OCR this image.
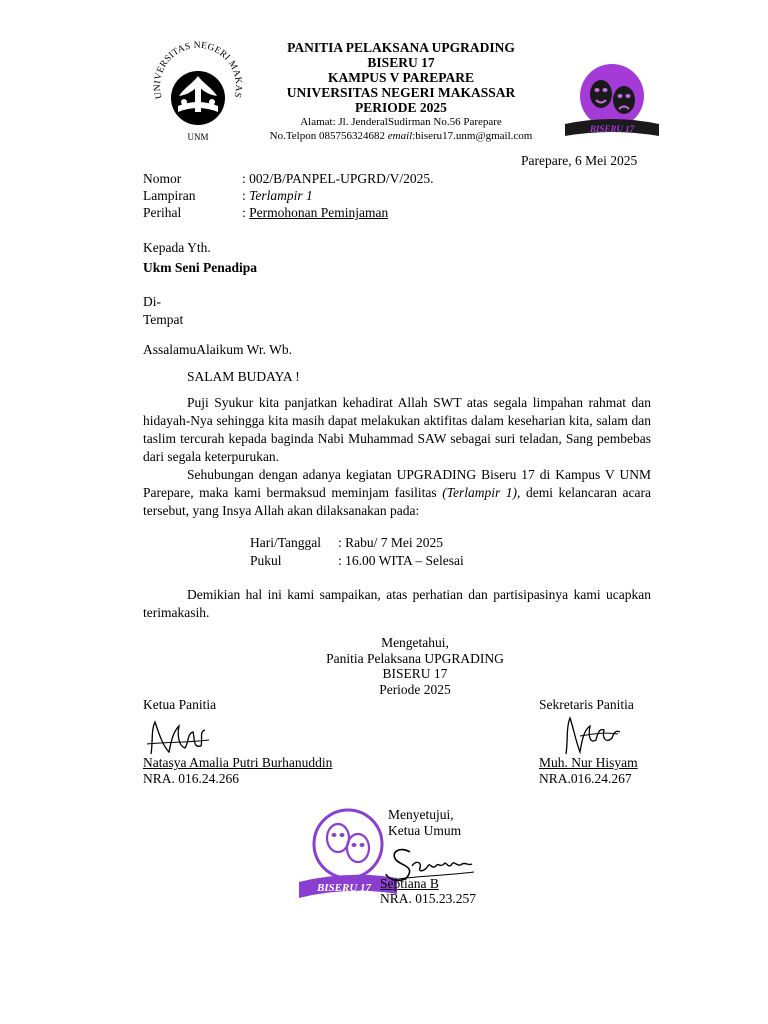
UNIVERSITAS NEGERI MAKAS
UNM
PANITIA PELAKSANA UPGRADING
BISERU 17
KAMPUS V PAREPARE
UNIVERSITAS NEGERI MAKASSAR
PERIODE 2025
Alamat: Jl. JenderalSudirman No.56 Parepare
No.Telpon 085756324682 email:biseru17.unm@gmail.com
BISERU 17
Parepare, 6 Mei 2025
Nomor	: 002/B/PANPEL-UPGRD/V/2025.
Lampiran	: Terlampir 1
Perihal	: Permohonan Peminjaman
Kepada Yth.
Ukm Seni Penadipa
Di-
Tempat
AssalamuAlaikum Wr. Wb.
SALAM BUDAYA !
Puji Syukur kita panjatkan kehadirat Allah SWT atas segala limpahan rahmat dan hidayah-Nya sehingga kita masih dapat melakukan aktifitas dalam keseharian kita, salam dan taslim tercurah kepada baginda Nabi Muhammad SAW sebagai suri teladan, Sang pembebas dari segala keterpurukan.
Sehubungan dengan adanya kegiatan UPGRADING Biseru 17 di Kampus V UNM Parepare, maka kami bermaksud meminjam fasilitas (Terlampir 1), demi kelancaran acara tersebut, yang Insya Allah akan dilaksanakan pada:
Hari/Tanggal : Rabu/ 7 Mei 2025
Pukul	: 16.00 WITA – Selesai
Demikian hal ini kami sampaikan, atas perhatian dan partisipasinya kami ucapkan terimakasih.
Mengetahui,
Panitia Pelaksana UPGRADING
BISERU 17
Periode 2025
Ketua Panitia
Natasya Amalia Putri Burhanuddin
NRA. 016.24.266
Sekretaris Panitia
Muh. Nur Hisyam
NRA.016.24.267
BISERU 17
Menyetujui,
Ketua Umum
Septiana B
NRA. 015.23.257
